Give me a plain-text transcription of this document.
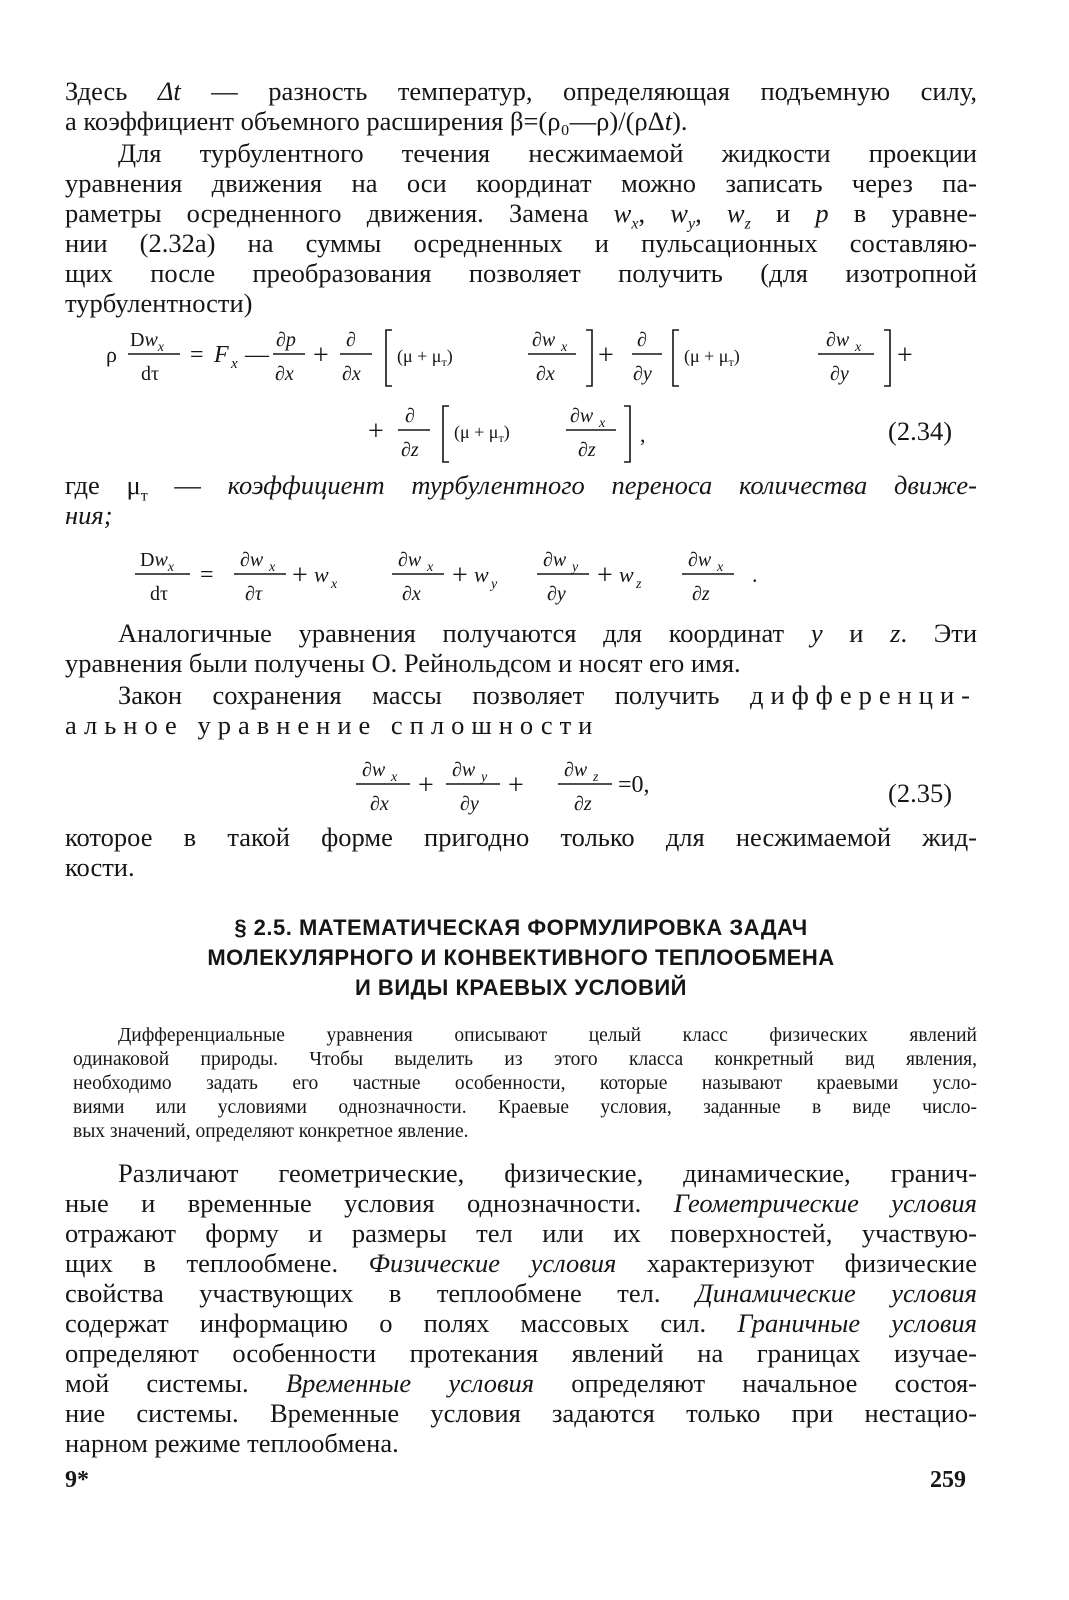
Здесь Δt — разность температур, определяющая подъемную силу,
а коэффициент объемного расширения β=(ρ₀—ρ)/(ρΔt).
Для турбулентного течения несжимаемой жидкости проекции
уравнения движения на оси координат можно записать через па-
раметры осредненного движения. Замена $w_x$, $w_y$, $w_z$ и p в уравне-
нии (2.32a) на суммы осредненных и пульсационных составляю-
щих после преобразования позволяет получить (для изотропной
турбулентности)
ρ
$Dw_x$
dτ
= F x —
∂p
∂x
+ ∂
∂x
$(\mu + \mu_т)$
∂w x
∂x
+ ∂
∂y
$(\mu + \mu_т)$
∂w x
∂y
+
+ ∂
∂z
$(\mu + \mu_т)$
∂w x
∂z
,	(2.34)
где $\mu_т$ — коэффициент турбулентного переноса количества движе-
ния;
$Dw_x$
dτ
=
∂w x
∂τ
+ w x
∂w x
∂x
+ w y
∂w y
∂y
+ w z
∂w x
∂z
.
Аналогичные уравнения получаются для координат y и z. Эти
уравнения были получены О. Рейнольдсом и носят его имя.
Закон сохранения массы позволяет получить дифференци-
альное уравнение сплошности
∂w x
∂x
+ ∂w y
∂y
+ ∂w z
∂z
=0,	(2.35)
которое в такой форме пригодно только для несжимаемой жид-
кости.
§ 2.5. МАТЕМАТИЧЕСКАЯ ФОРМУЛИРОВКА ЗАДАЧ
МОЛЕКУЛЯРНОГО И КОНВЕКТИВНОГО ТЕПЛООБМЕНА
И ВИДЫ КРАЕВЫХ УСЛОВИЙ
Дифференциальные уравнения описывают целый класс физических явлений
одинаковой природы. Чтобы выделить из этого класса конкретный вид явления,
необходимо задать его частные особенности, которые называют краевыми усло-
виями или условиями однозначности. Краевые условия, заданные в виде число-
вых значений, определяют конкретное явление.
Различают геометрические, физические, динамические, гранич-
ные и временные условия однозначности. Геометрические условия
отражают форму и размеры тел или их поверхностей, участвую-
щих в теплообмене. Физические условия характеризуют физические
свойства участвующих в теплообмене тел. Динамические условия
содержат информацию о полях массовых сил. Граничные условия
определяют особенности протекания явлений на границах изучае-
мой системы. Временные условия определяют начальное состоя-
ние системы. Временные условия задаются только при нестацио-
нарном режиме теплообмена.
9*	259
